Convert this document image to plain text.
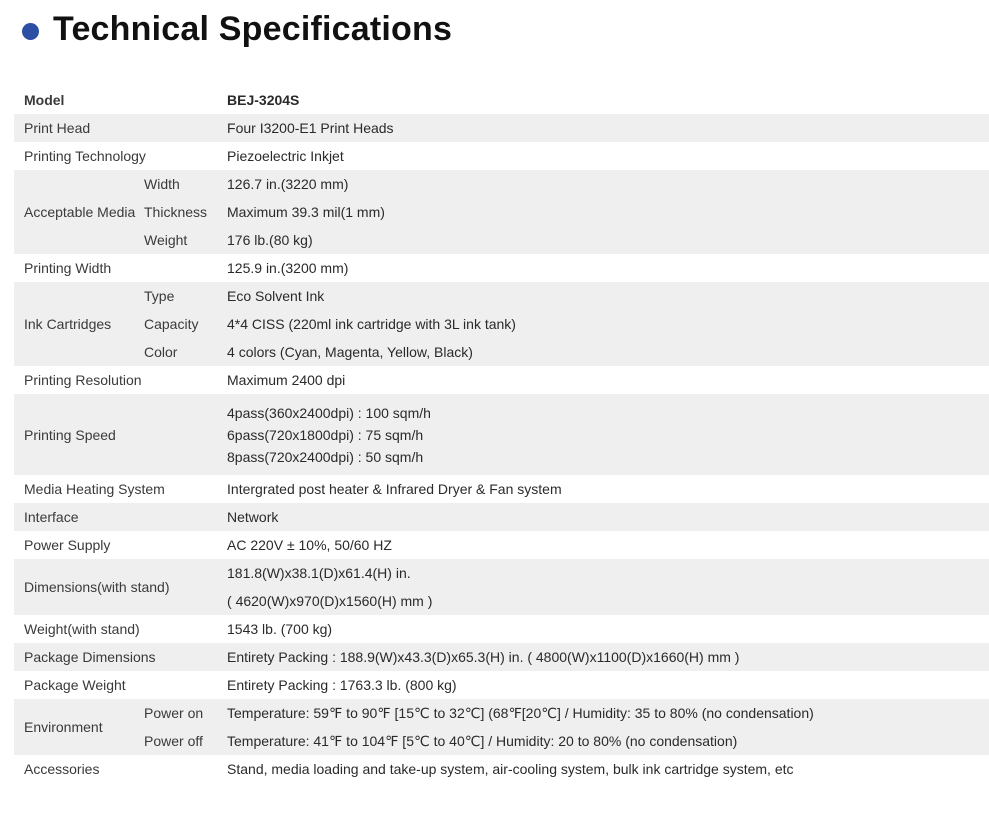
Technical Specifications
Model		BEJ-3204S
Print Head		Four I3200-E1 Print Heads
Printing Technology		Piezoelectric Inkjet
Acceptable Media	Width	126.7 in.(3220 mm)
	Thickness	Maximum 39.3 mil(1 mm)
	Weight	176 lb.(80 kg)
Printing Width		125.9 in.(3200 mm)
Ink Cartridges	Type	Eco Solvent Ink
	Capacity	4*4 CISS (220ml ink cartridge with 3L ink tank)
	Color	4 colors (Cyan, Magenta, Yellow, Black)
Printing Resolution		Maximum 2400 dpi
Printing Speed		4pass(360x2400dpi) : 100 sqm/h
6pass(720x1800dpi) : 75 sqm/h
8pass(720x2400dpi) : 50 sqm/h

Media Heating System		Intergrated post heater & Infrared Dryer & Fan system
Interface		Network
Power Supply		AC 220V ± 10%, 50/60 HZ
Dimensions(with stand)		181.8(W)x38.1(D)x61.4(H) in.
		( 4620(W)x970(D)x1560(H) mm )
Weight(with stand)		1543 lb. (700 kg)
Package Dimensions		Entirety Packing : 188.9(W)x43.3(D)x65.3(H) in. ( 4800(W)x1100(D)x1660(H) mm )
Package Weight		Entirety Packing : 1763.3 lb. (800 kg)
Environment	Power on	Temperature: 59℉ to 90℉ [15℃ to 32℃] (68℉[20℃] / Humidity: 35 to 80% (no condensation)
	Power off	Temperature: 41℉ to 104℉ [5℃ to 40℃] / Humidity: 20 to 80% (no condensation)
Accessories		Stand, media loading and take-up system, air-cooling system, bulk ink cartridge system, etc
